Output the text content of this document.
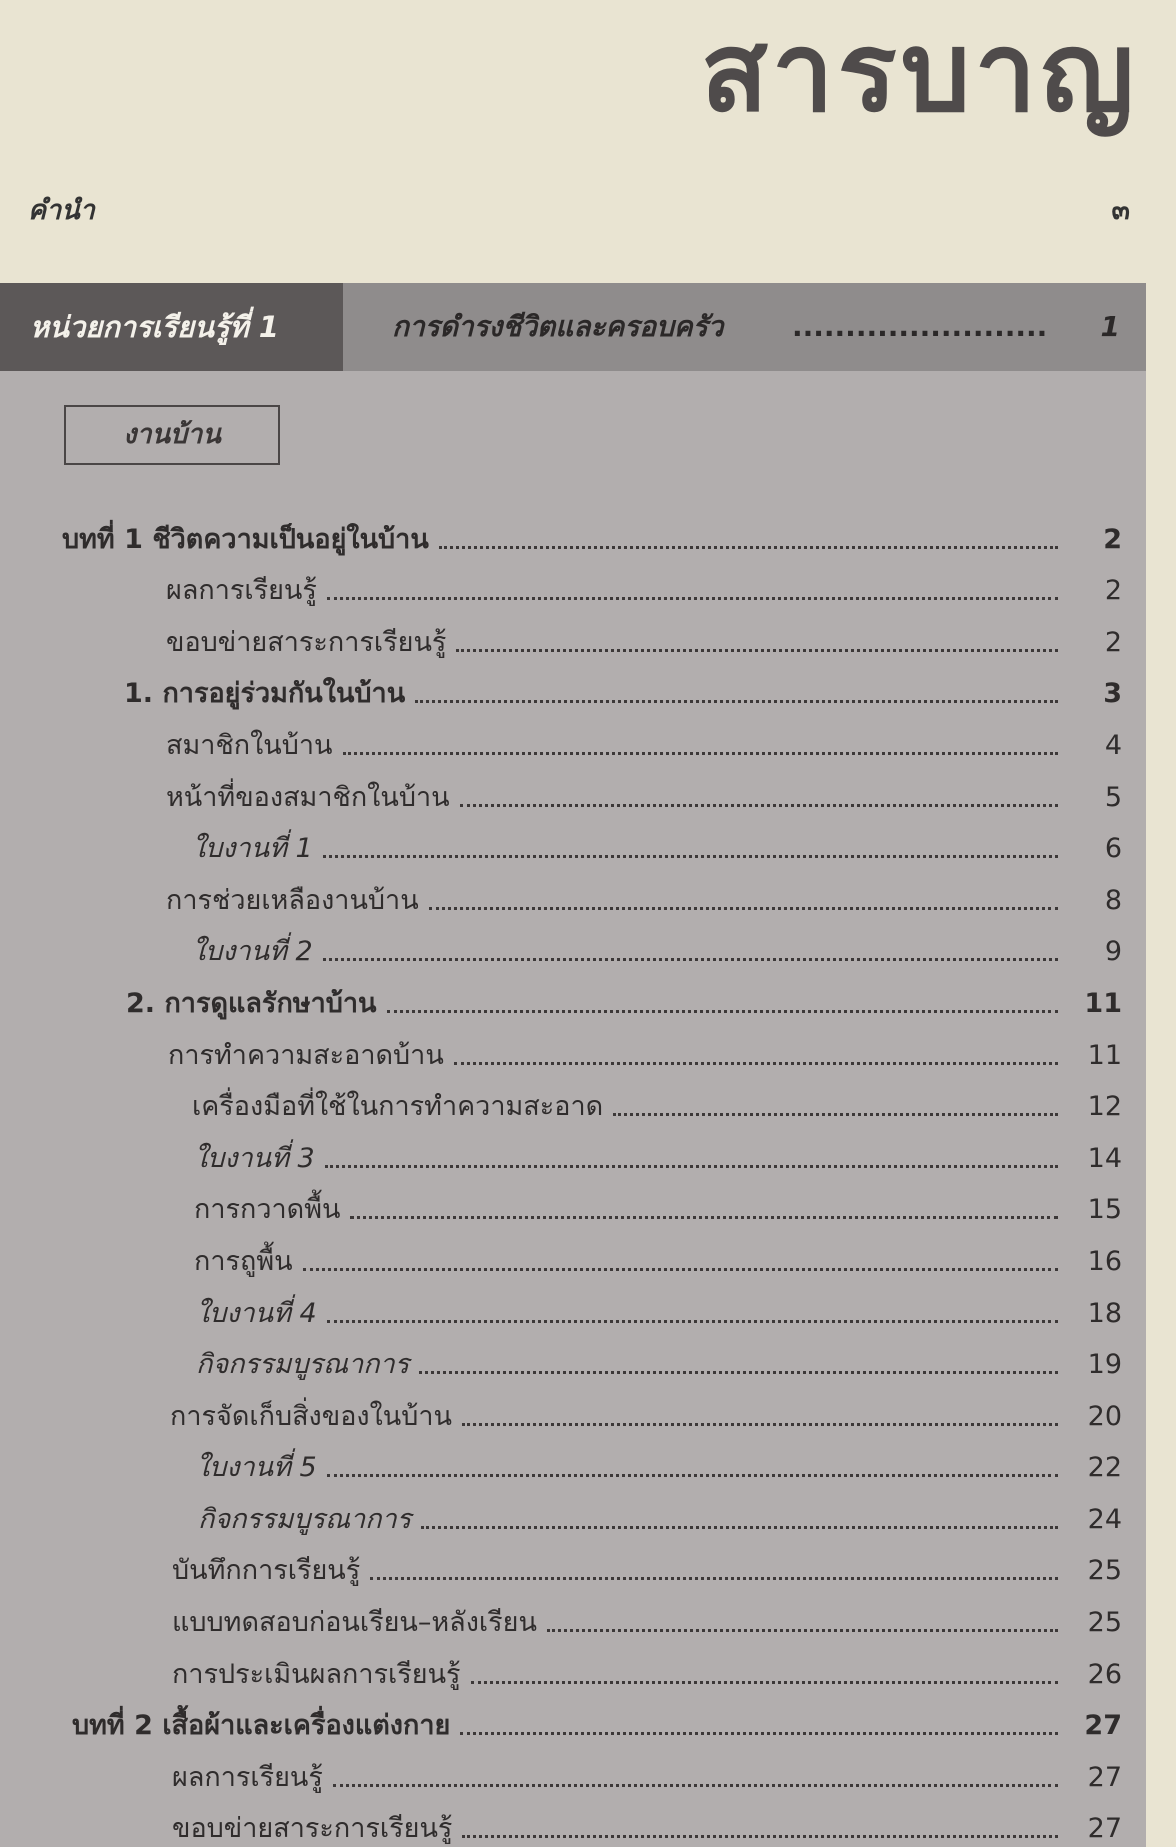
สารบาญ
คำนำ	๓
หน่วยการเรียนรู้ที่ 1	การดำรงชีวิตและครอบครัว .....	1
งานบ้าน
บทที่ 1 ชีวิตความเป็นอยู่ในบ้าน	2
ผลการเรียนรู้	2
ขอบข่ายสาระการเรียนรู้	2
1. การอยู่ร่วมกันในบ้าน	3
สมาชิกในบ้าน	4
หน้าที่ของสมาชิกในบ้าน	5
ใบงานที่ 1	6
การช่วยเหลืองานบ้าน	8
ใบงานที่ 2	9
2. การดูแลรักษาบ้าน	11
การทำความสะอาดบ้าน	11
เครื่องมือที่ใช้ในการทำความสะอาด	12
ใบงานที่ 3	14
การกวาดพื้น	15
การถูพื้น	16
ใบงานที่ 4	18
กิจกรรมบูรณาการ	19
การจัดเก็บสิ่งของในบ้าน	20
ใบงานที่ 5	22
กิจกรรมบูรณาการ	24
บันทึกการเรียนรู้	25
แบบทดสอบก่อนเรียน–หลังเรียน	25
การประเมินผลการเรียนรู้	26
บทที่ 2 เสื้อผ้าและเครื่องแต่งกาย	27
ผลการเรียนรู้	27
ขอบข่ายสาระการเรียนรู้	27
